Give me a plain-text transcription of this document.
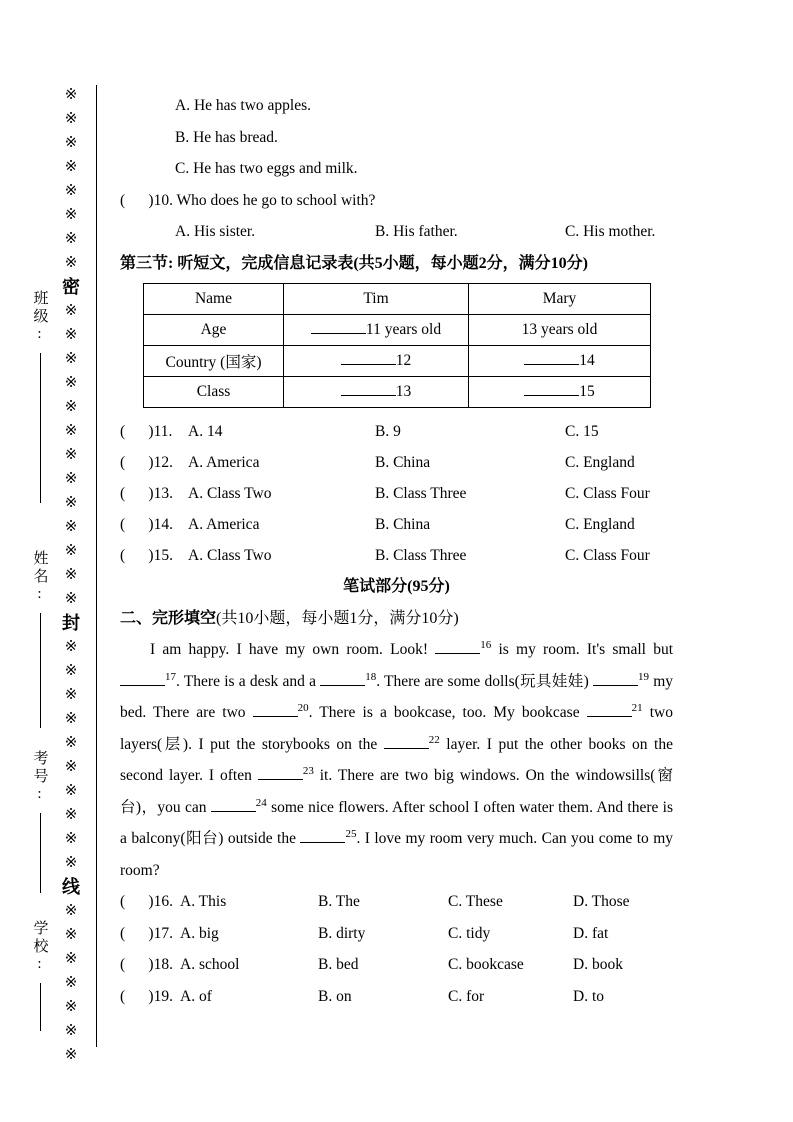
班级:
姓名:
考号:
学校:
※※※※※※※※密※※※※※※※※※※※※※封※※※※※※※※※※线※※※※※※※
A. He has two apples.
B. He has bread.
C. He has two eggs and milk.
(      )10. Who does he go to school with?
A. His sister.	B. His father.	C. His mother.
第三节: 听短文，完成信息记录表(共5小题，每小题2分，满分10分)
Name	Tim	Mary
Age	11 years old	13 years old
Country (国家)	12	14
Class	13	15
(      )11. A. 14	B. 9	C. 15
(      )12. A. America	B. China	C. England
(      )13. A. Class Two	B. Class Three	C. Class Four
(      )14. A. America	B. China	C. England
(      )15. A. Class Two	B. Class Three	C. Class Four
笔试部分(95分)
二、完形填空(共10小题，每小题1分，满分10分)

I am happy. I have my own room. Look!	$^{16}$ is my room. It's small but $^{17}$. There is a desk and a	$^{18}$. There are some dolls(玩具娃娃)	$^{19}$ my bed. There are two	$^{20}$. There is a bookcase, too. My bookcase	$^{21}$ two layers(层). I put the storybooks on the	$^{22}$ layer. I put the other books on the second layer. I often	$^{23}$ it. There are two big windows. On the windowsills(窗台)，you can	$^{24}$ some nice flowers. After school I often water them. And there is a balcony(阳台) outside the	$^{25}$. I love my room very much. Can you come to my room?

(      )16. A. This	B. The	C. These	D. Those
(      )17. A. big	B. dirty	C. tidy	D. fat
(      )18. A. school	B. bed	C. bookcase	D. book
(      )19. A. of	B. on	C. for	D. to
